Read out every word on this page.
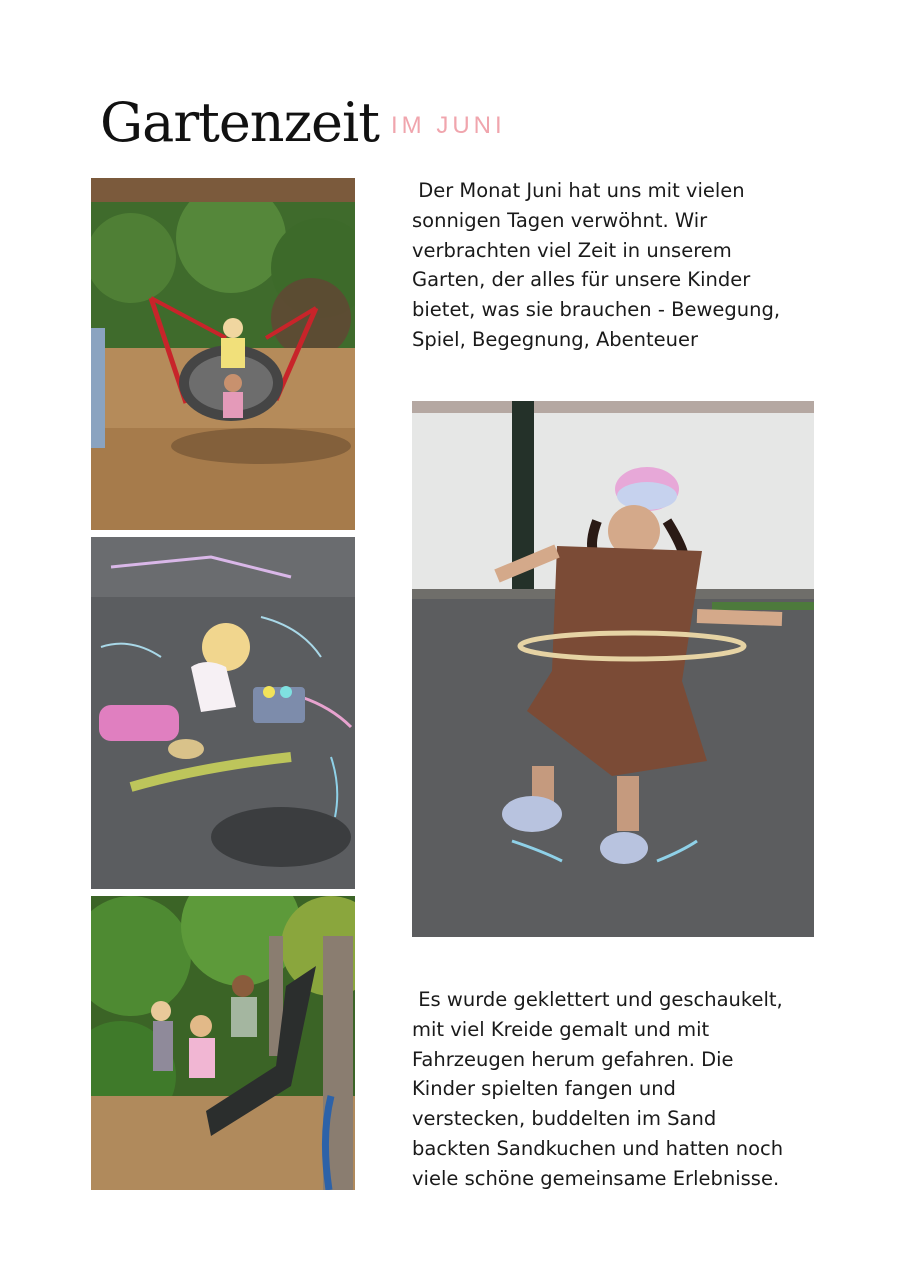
Gartenzeit IM JUNI

Der Monat Juni hat uns mit vielen
sonnigen Tagen verwöhnt. Wir
verbrachten viel Zeit in unserem
Garten, der alles für unsere Kinder
bietet, was sie brauchen - Bewegung,
Spiel, Begegnung, Abenteuer

Es wurde geklettert und geschaukelt,
mit viel Kreide gemalt und mit
Fahrzeugen herum gefahren. Die
Kinder spielten fangen und
verstecken, buddelten im Sand
backten Sandkuchen und hatten noch
viele schöne gemeinsame Erlebnisse.
